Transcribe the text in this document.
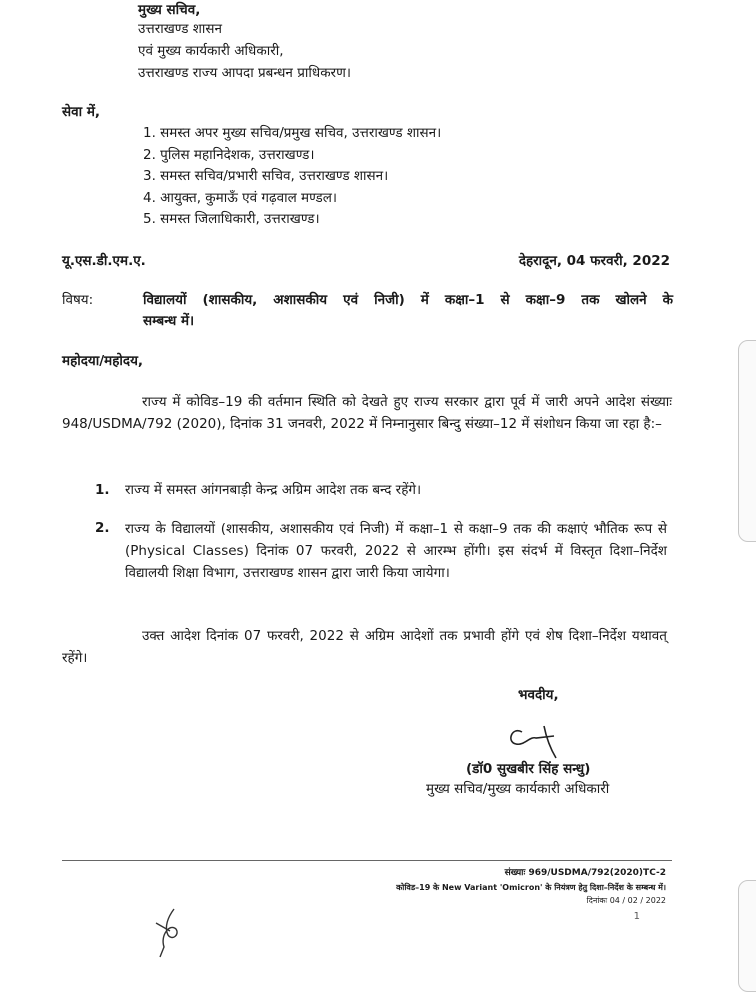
मुख्य सचिव,
उत्तराखण्ड शासन
एवं मुख्य कार्यकारी अधिकारी,
उत्तराखण्ड राज्य आपदा प्रबन्धन प्राधिकरण।
सेवा में,
1. समस्त अपर मुख्य सचिव/प्रमुख सचिव, उत्तराखण्ड शासन।
2. पुलिस महानिदेशक, उत्तराखण्ड।
3. समस्त सचिव/प्रभारी सचिव, उत्तराखण्ड शासन।
4. आयुक्त, कुमाऊँ एवं गढ़वाल मण्डल।
5. समस्त जिलाधिकारी, उत्तराखण्ड।
यू.एस.डी.एम.ए.	देहरादून, 04 फरवरी, 2022
विषय:	विद्यालयों (शासकीय, अशासकीय एवं निजी) में कक्षा–1 से कक्षा–9 तक खोलने के
सम्बन्ध में।
महोदया/महोदय,
राज्य में कोविड–19 की वर्तमान स्थिति को देखते हुए राज्य सरकार द्वारा पूर्व में जारी अपने आदेश संख्याः 948/USDMA/792 (2020), दिनांक 31 जनवरी, 2022 में निम्नानुसार बिन्दु संख्या–12 में संशोधन किया जा रहा है:–
1. राज्य में समस्त आंगनबाड़ी केन्द्र अग्रिम आदेश तक बन्द रहेंगे।
2. राज्य के विद्यालयों (शासकीय, अशासकीय एवं निजी) में कक्षा–1 से कक्षा–9 तक की कक्षाएं भौतिक रूप से (Physical Classes) दिनांक 07 फरवरी, 2022 से आरम्भ होंगी। इस संदर्भ में विस्तृत दिशा–निर्देश विद्यालयी शिक्षा विभाग, उत्तराखण्ड शासन द्वारा जारी किया जायेगा।
उक्त आदेश दिनांक 07 फरवरी, 2022 से अग्रिम आदेशों तक प्रभावी होंगे एवं शेष दिशा–निर्देश यथावत् रहेंगे।
भवदीय,
(डॉ0 सुखबीर सिंह सन्धु)
मुख्य सचिव/मुख्य कार्यकारी अधिकारी
संख्याः 969/USDMA/792(2020)TC-2
कोविड–19 के New Variant 'Omicron' के नियंत्रण हेतु दिशा–निर्देश के सम्बन्ध में।
दिनांकः 04 / 02 / 2022
1
